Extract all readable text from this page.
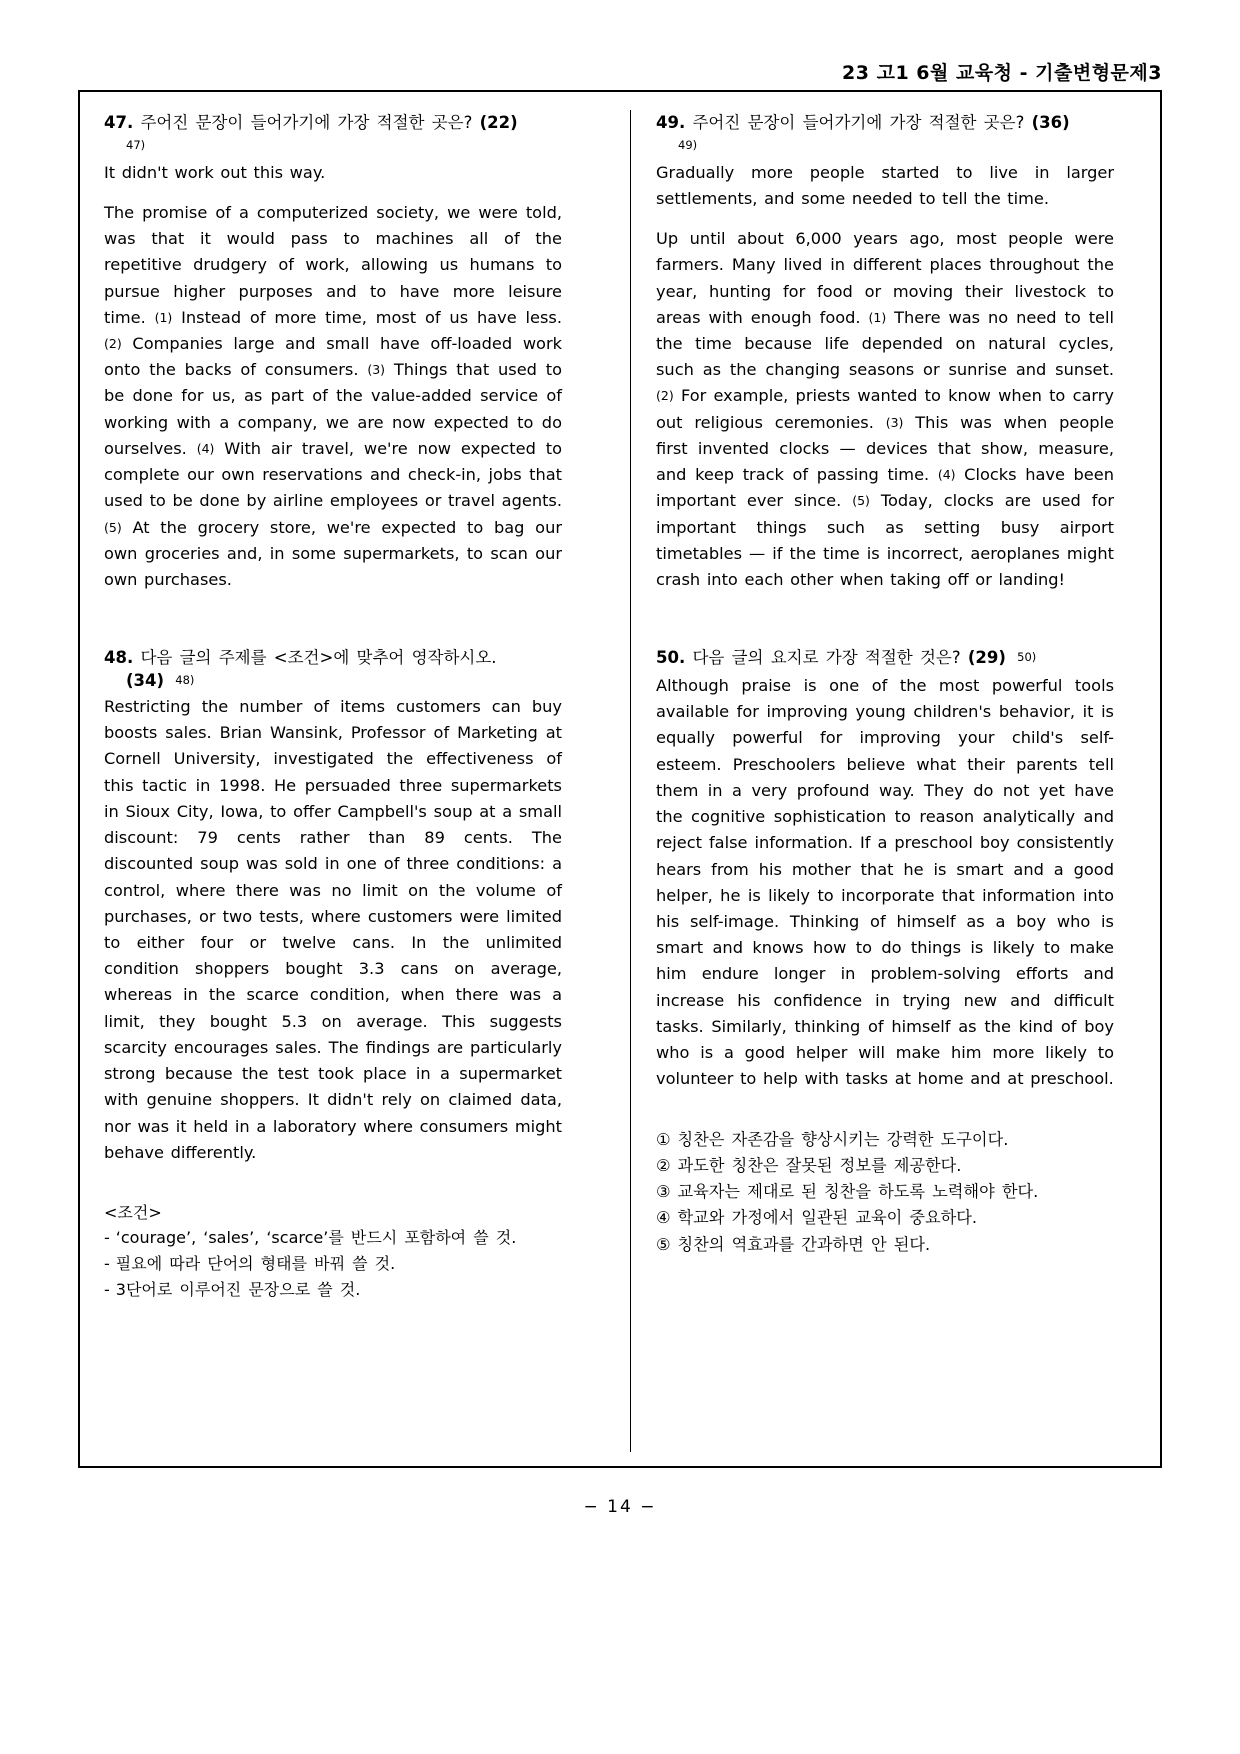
23 고1 6월 교육청 - 기출변형문제3
47. 주어진 문장이 들어가기에 가장 적절한 곳은? (22)
47)

It didn't work out this way.

The promise of a computerized society, we were told, was that it would pass to machines all of the repetitive drudgery of work, allowing us humans to pursue higher purposes and to have more leisure time. (1) Instead of more time, most of us have less. (2) Companies large and small have off-loaded work onto the backs of consumers. (3) Things that used to be done for us, as part of the value-added service of working with a company, we are now expected to do ourselves. (4) With air travel, we're now expected to complete our own reservations and check-in, jobs that used to be done by airline employees or travel agents. (5) At the grocery store, we're expected to bag our own groceries and, in some supermarkets, to scan our own purchases.

48. 다음 글의 주제를 <조건>에 맞추어 영작하시오.
(34) 48)

Restricting the number of items customers can buy boosts sales. Brian Wansink, Professor of Marketing at Cornell University, investigated the effectiveness of this tactic in 1998. He persuaded three supermarkets in Sioux City, Iowa, to offer Campbell's soup at a small discount: 79 cents rather than 89 cents. The discounted soup was sold in one of three conditions: a control, where there was no limit on the volume of purchases, or two tests, where customers were limited to either four or twelve cans. In the unlimited condition shoppers bought 3.3 cans on average, whereas in the scarce condition, when there was a limit, they bought 5.3 on average. This suggests scarcity encourages sales. The findings are particularly strong because the test took place in a supermarket with genuine shoppers. It didn't rely on claimed data, nor was it held in a laboratory where consumers might behave differently.

<조건>
- ‘courage’, ‘sales’, ‘scarce’를 반드시 포함하여 쓸 것.
- 필요에 따라 단어의 형태를 바꿔 쓸 것.
- 3단어로 이루어진 문장으로 쓸 것.
49. 주어진 문장이 들어가기에 가장 적절한 곳은? (36)
49)

Gradually more people started to live in larger settlements, and some needed to tell the time.

Up until about 6,000 years ago, most people were farmers. Many lived in different places throughout the year, hunting for food or moving their livestock to areas with enough food. (1) There was no need to tell the time because life depended on natural cycles, such as the changing seasons or sunrise and sunset. (2) For example, priests wanted to know when to carry out religious ceremonies. (3) This was when people first invented clocks — devices that show, measure, and keep track of passing time. (4) Clocks have been important ever since. (5) Today, clocks are used for important things such as setting busy airport timetables — if the time is incorrect, aeroplanes might crash into each other when taking off or landing!

50. 다음 글의 요지로 가장 적절한 것은? (29) 50)

Although praise is one of the most powerful tools available for improving young children's behavior, it is equally powerful for improving your child's self-esteem. Preschoolers believe what their parents tell them in a very profound way. They do not yet have the cognitive sophistication to reason analytically and reject false information. If a preschool boy consistently hears from his mother that he is smart and a good helper, he is likely to incorporate that information into his self-image. Thinking of himself as a boy who is smart and knows how to do things is likely to make him endure longer in problem-solving efforts and increase his confidence in trying new and difficult tasks. Similarly, thinking of himself as the kind of boy who is a good helper will make him more likely to volunteer to help with tasks at home and at preschool.

① 칭찬은 자존감을 향상시키는 강력한 도구이다.
② 과도한 칭찬은 잘못된 정보를 제공한다.
③ 교육자는 제대로 된 칭찬을 하도록 노력해야 한다.
④ 학교와 가정에서 일관된 교육이 중요하다.
⑤ 칭찬의 역효과를 간과하면 안 된다.
− 14 −
